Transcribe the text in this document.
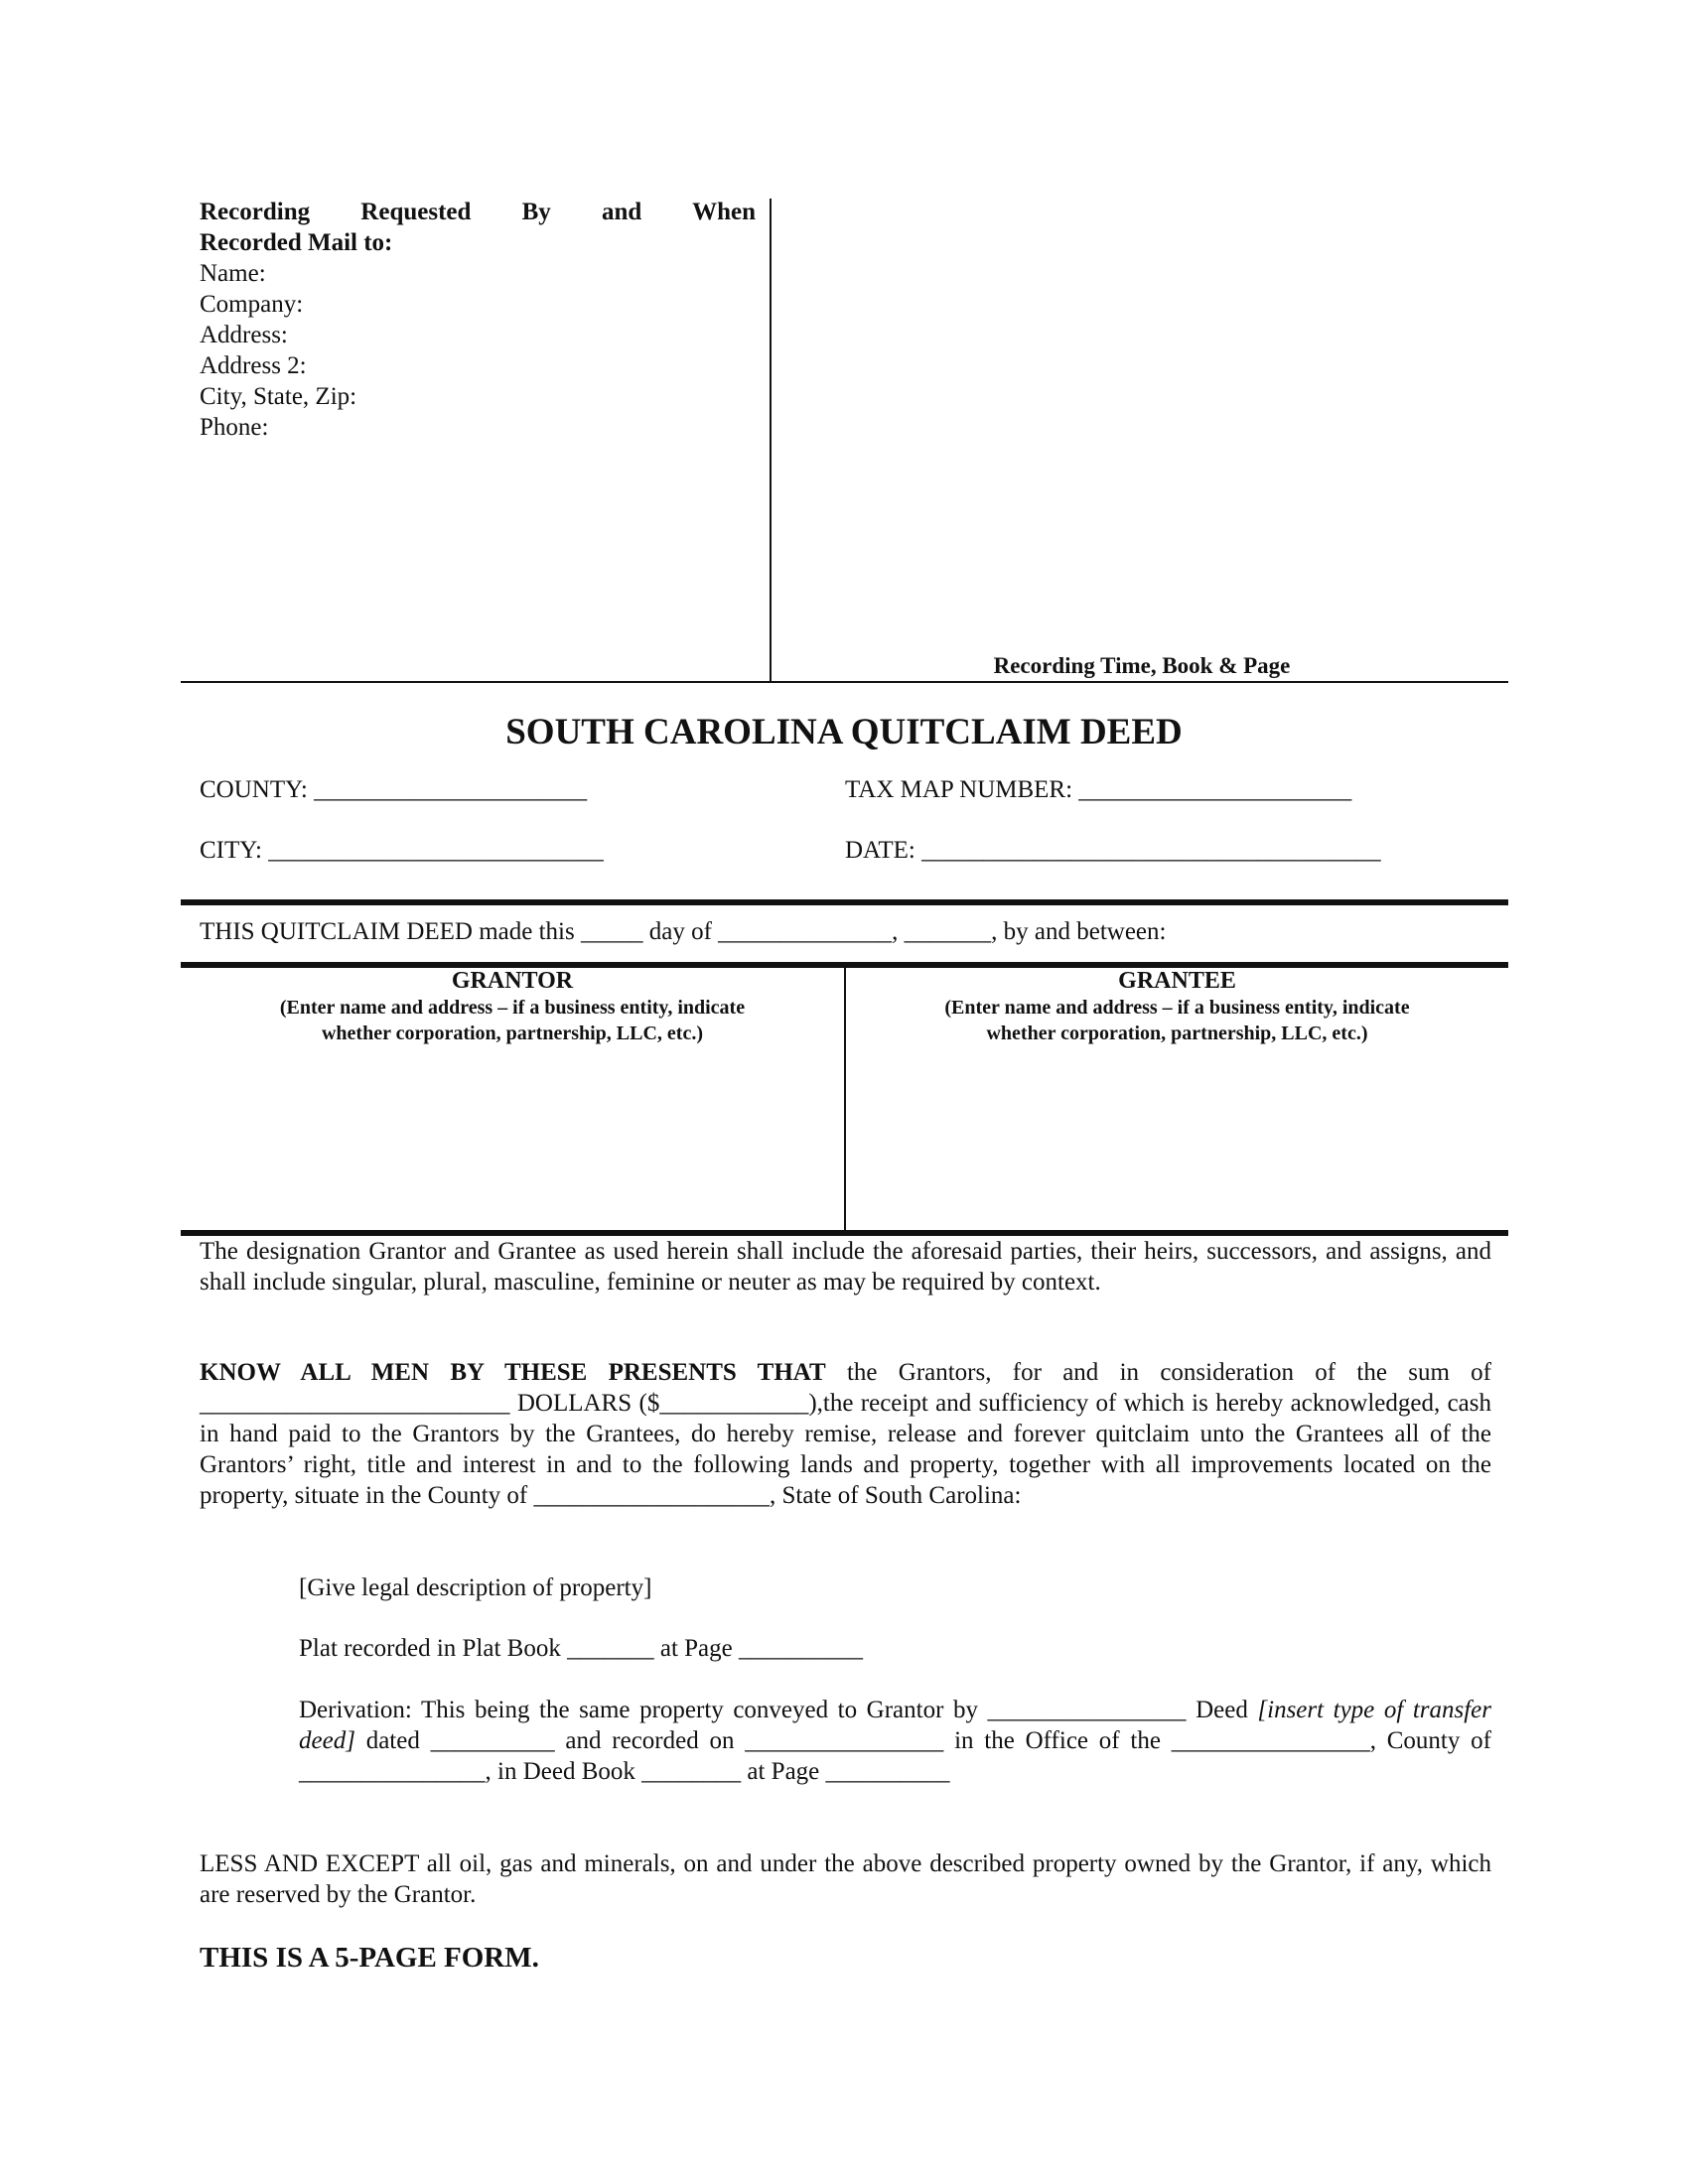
Recording Requested By and When
Recorded Mail to:
Name:
Company:
Address:
Address 2:
City, State, Zip:
Phone:
Recording Time, Book & Page
SOUTH CAROLINA QUITCLAIM DEED
COUNTY: ______________________	TAX MAP NUMBER: ______________________
CITY: ___________________________	DATE: _____________________________________
THIS QUITCLAIM DEED made this _____ day of ______________, _______, by and between:
GRANTOR
(Enter name and address – if a business entity, indicate
whether corporation, partnership, LLC, etc.)
GRANTEE
(Enter name and address – if a business entity, indicate
whether corporation, partnership, LLC, etc.)
The designation Grantor and Grantee as used herein shall include the aforesaid parties, their heirs, successors, and assigns, and shall include singular, plural, masculine, feminine or neuter as may be required by context.
KNOW ALL MEN BY THESE PRESENTS THAT the Grantors, for and in consideration of the sum of _________________________ DOLLARS ($____________),the receipt and sufficiency of which is hereby acknowledged, cash in hand paid to the Grantors by the Grantees, do hereby remise, release and forever quitclaim unto the Grantees all of the Grantors’ right, title and interest in and to the following lands and property, together with all improvements located on the property, situate in the County of ___________________, State of South Carolina:
[Give legal description of property]
Plat recorded in Plat Book _______ at Page __________
Derivation: This being the same property conveyed to Grantor by ________________ Deed [insert type of transfer deed] dated __________ and recorded on ________________ in the Office of the ________________, County of _______________, in Deed Book ________ at Page __________
LESS AND EXCEPT all oil, gas and minerals, on and under the above described property owned by the Grantor, if any, which are reserved by the Grantor.
THIS IS A 5-PAGE FORM.
